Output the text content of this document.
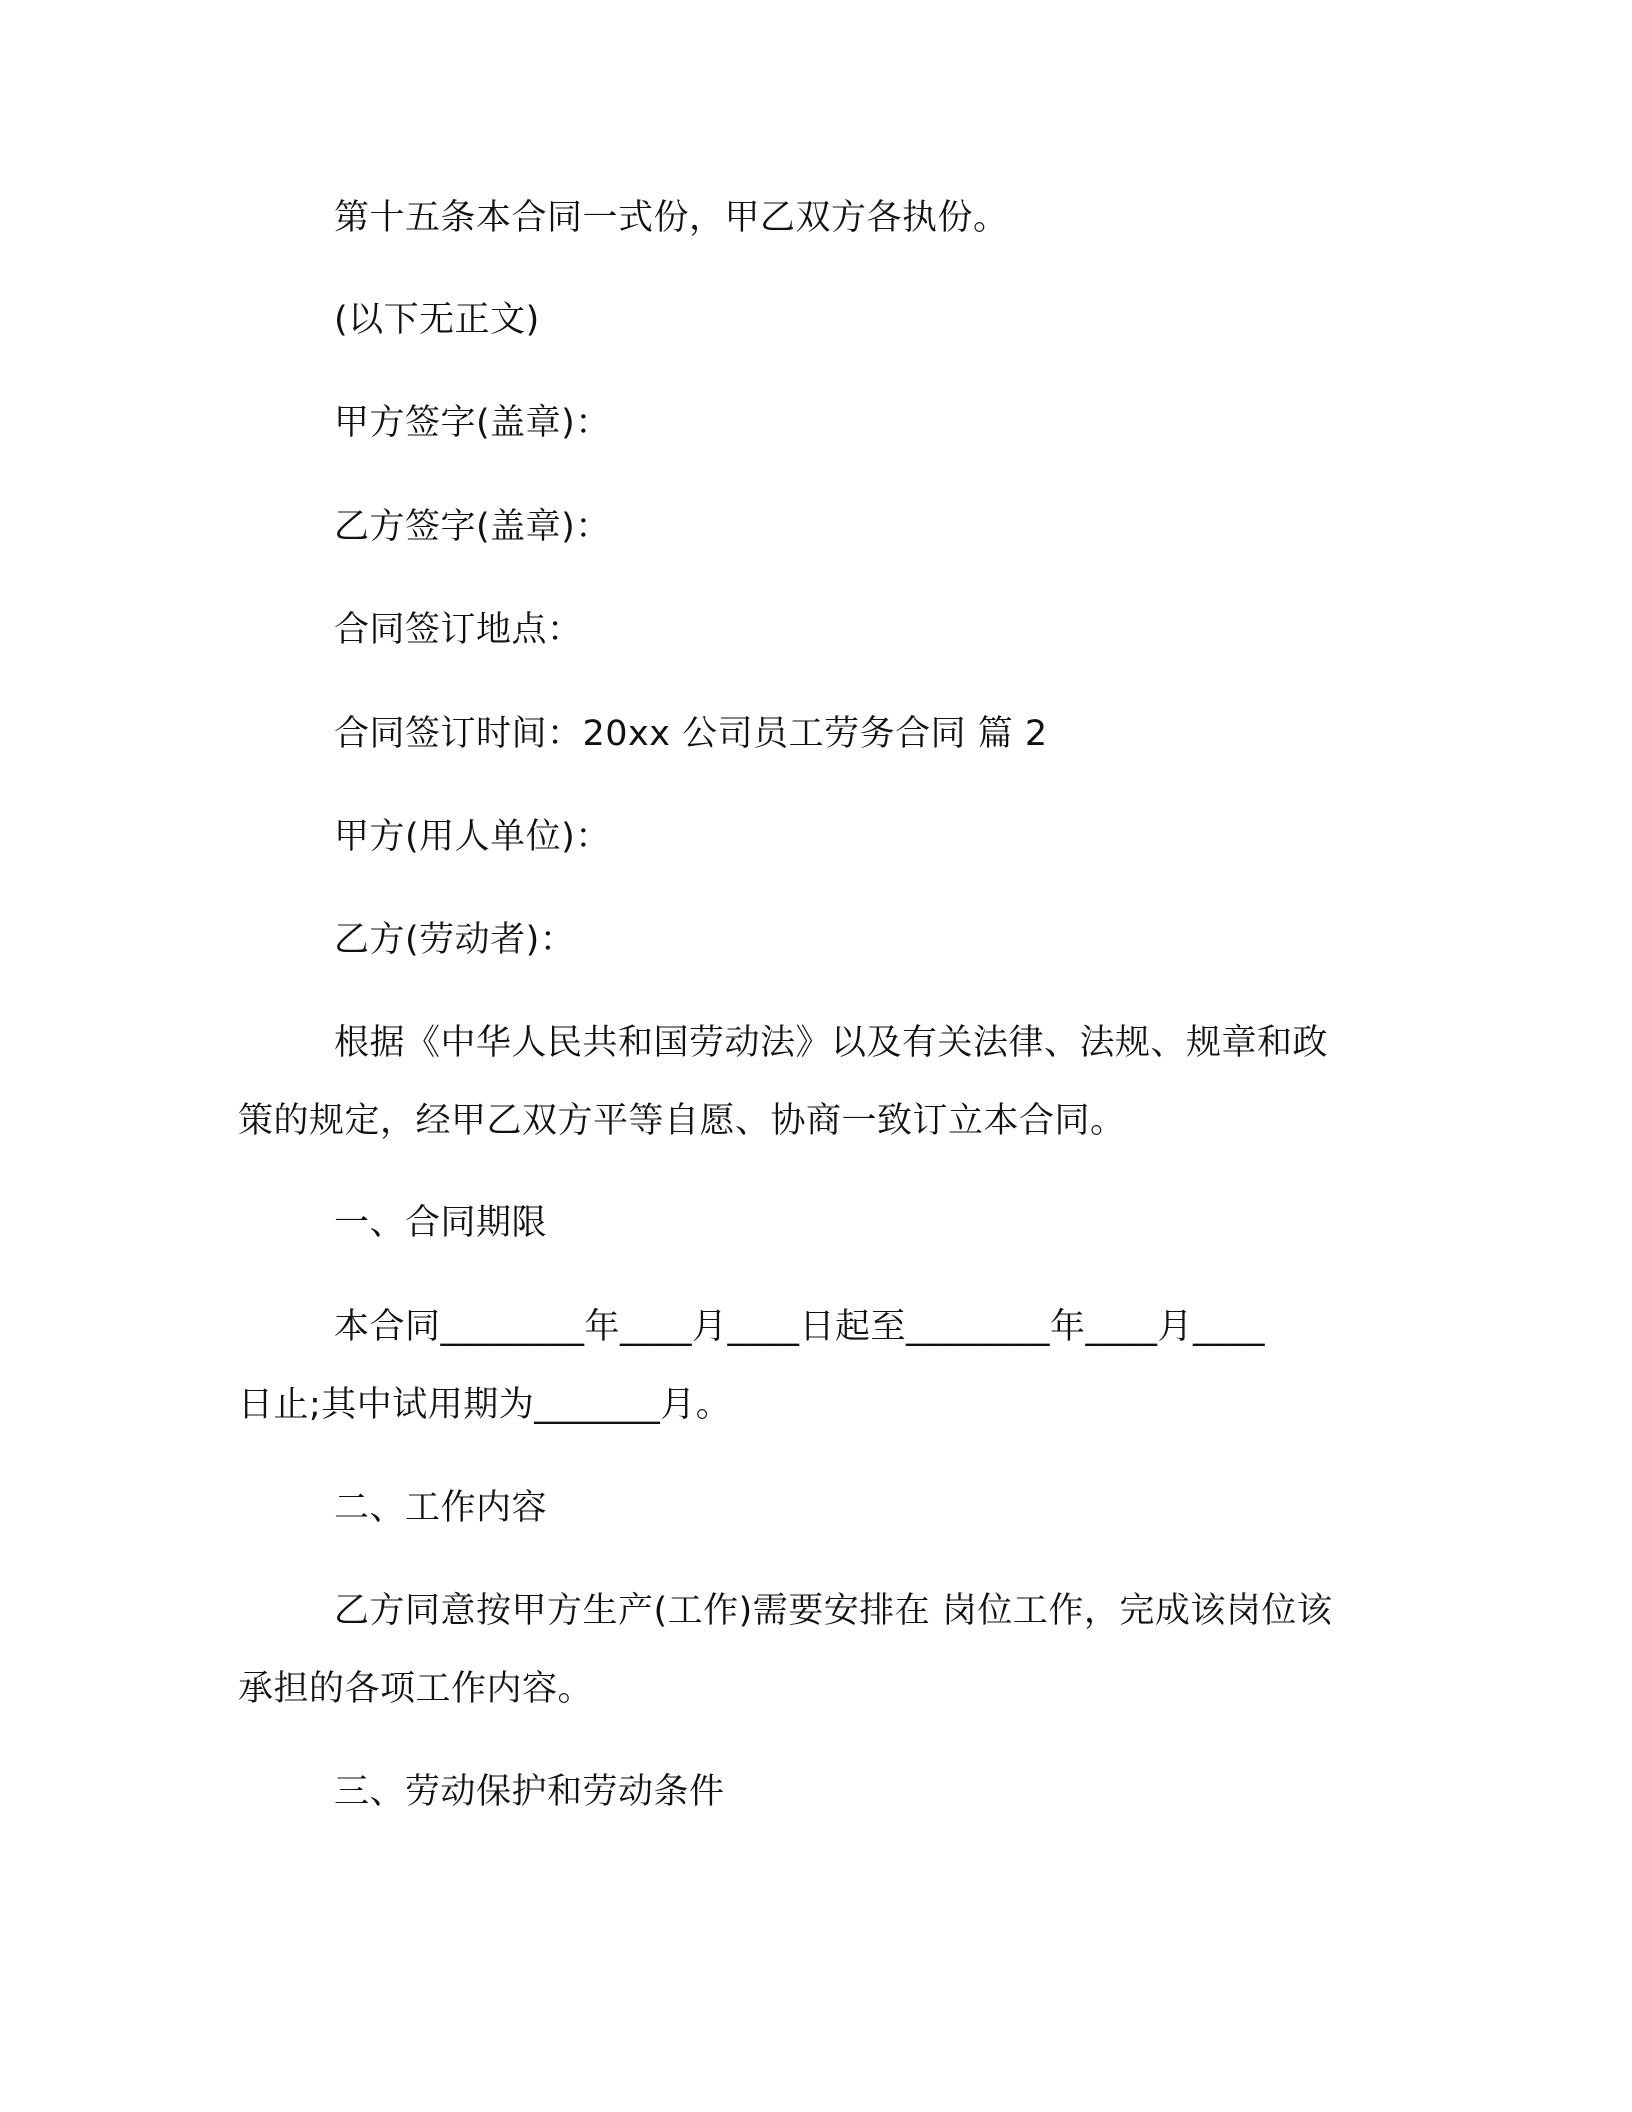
第十五条本合同一式份，甲乙双方各执份。
(以下无正文)
甲方签字(盖章)：
乙方签字(盖章)：
合同签订地点：
合同签订时间：20xx 公司员工劳务合同 篇 2
甲方(用人单位)：
乙方(劳动者)：
根据《中华人民共和国劳动法》以及有关法律、法规、规章和政
策的规定，经甲乙双方平等自愿、协商一致订立本合同。
一、合同期限
本合同________年____月____日起至________年____月____
日止;其中试用期为_______月。
二、工作内容
乙方同意按甲方生产(工作)需要安排在 岗位工作，完成该岗位该
承担的各项工作内容。
三、劳动保护和劳动条件
